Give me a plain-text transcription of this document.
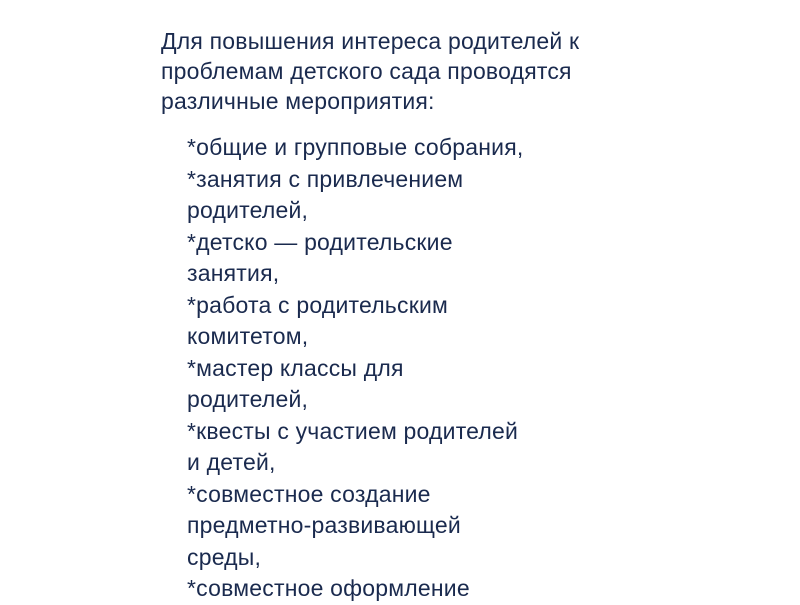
Для повышения интереса родителей к
проблемам детского сада проводятся
различные мероприятия:
*общие и групповые собрания,
*занятия с привлечением
родителей,
*детско — родительские
занятия,
*работа с родительским
комитетом,
*мастер классы для
родителей,
*квесты с участием родителей
и детей,
*совместное создание
предметно-развивающей
среды,
*совместное оформление
